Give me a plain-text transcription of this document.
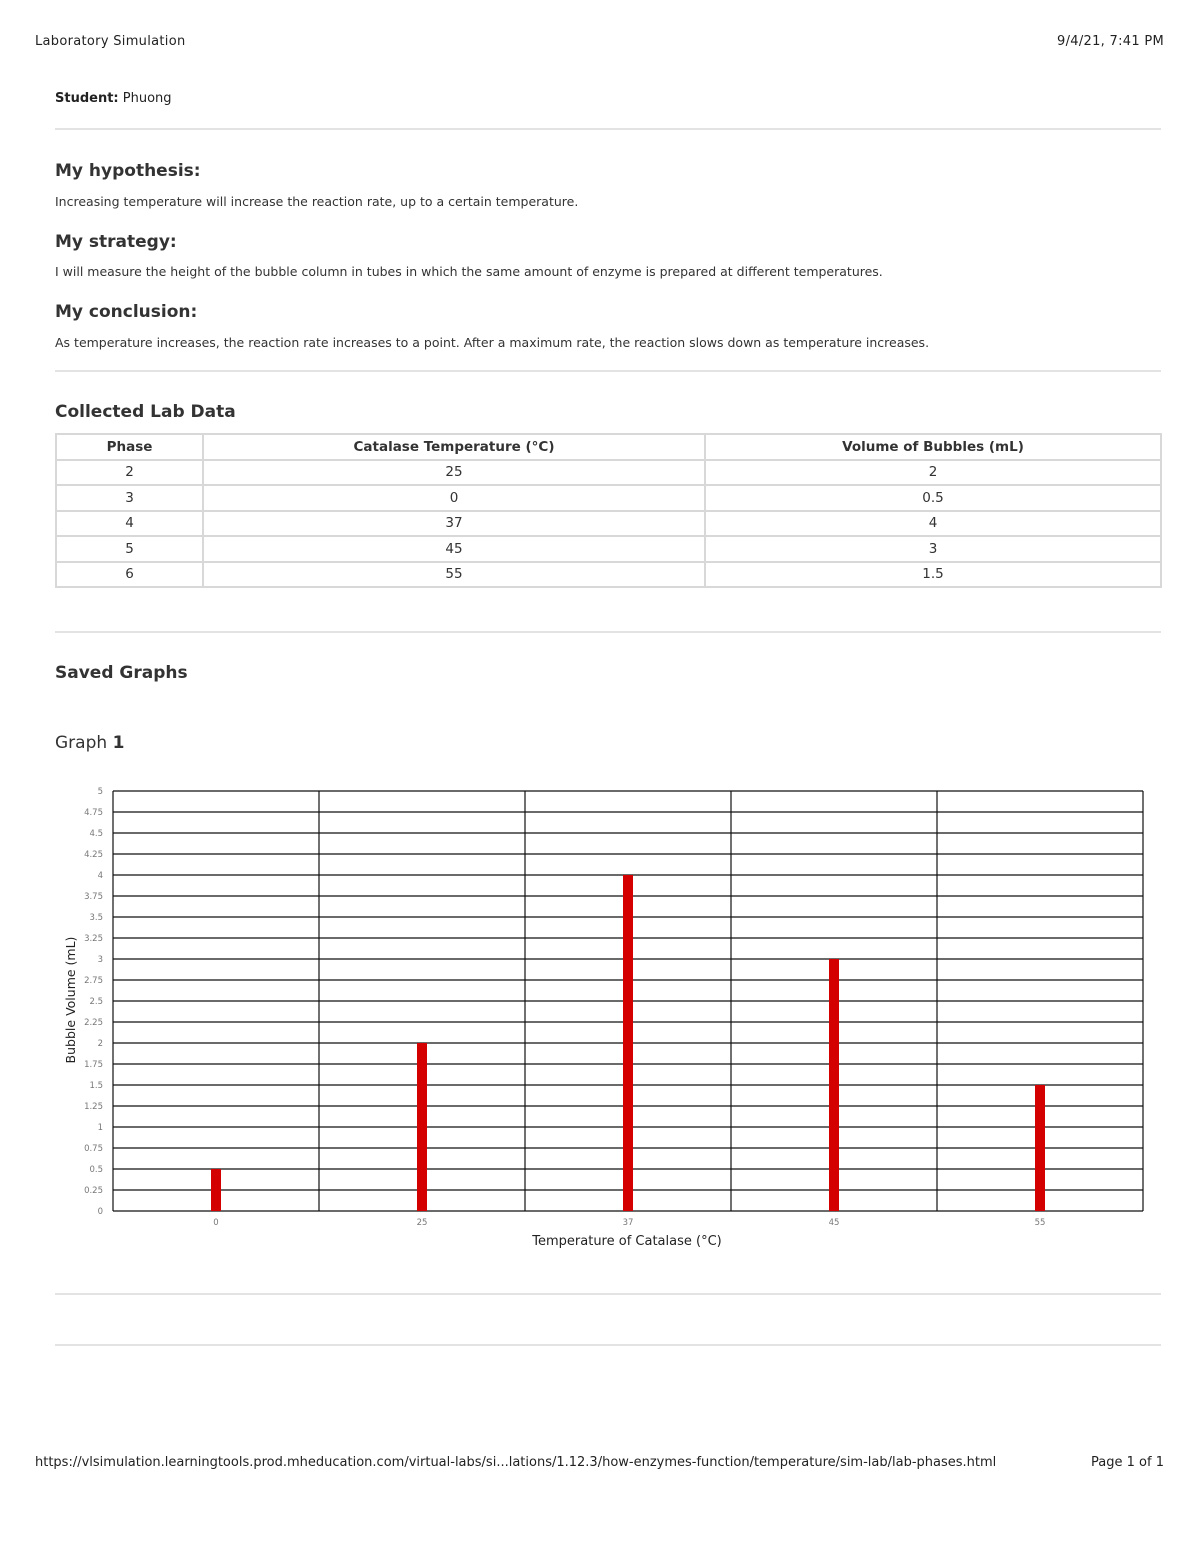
Laboratory Simulation	9/4/21, 7:41 PM
Student: Phuong
My hypothesis:
Increasing temperature will increase the reaction rate, up to a certain temperature.
My strategy:
I will measure the height of the bubble column in tubes in which the same amount of enzyme is prepared at different temperatures.
My conclusion:
As temperature increases, the reaction rate increases to a point. After a maximum rate, the reaction slows down as temperature increases.
Collected Lab Data
Phase	Catalase Temperature (°C)	Volume of Bubbles (mL)
2	25	2
3	0	0.5
4	37	4
5	45	3
6	55	1.5
Saved Graphs
Graph 1
0
0.25
0.5
0.75
1
1.25
1.5
1.75
2
2.25
2.5
2.75
3
3.25
3.5
3.75
4
4.25
4.5
4.75
5
0	25	37	45	55
Bubble Volume (mL)
Temperature of Catalase (°C)
https://vlsimulation.learningtools.prod.mheducation.com/virtual-labs/si...lations/1.12.3/how-enzymes-function/temperature/sim-lab/lab-phases.html	Page 1 of 1
